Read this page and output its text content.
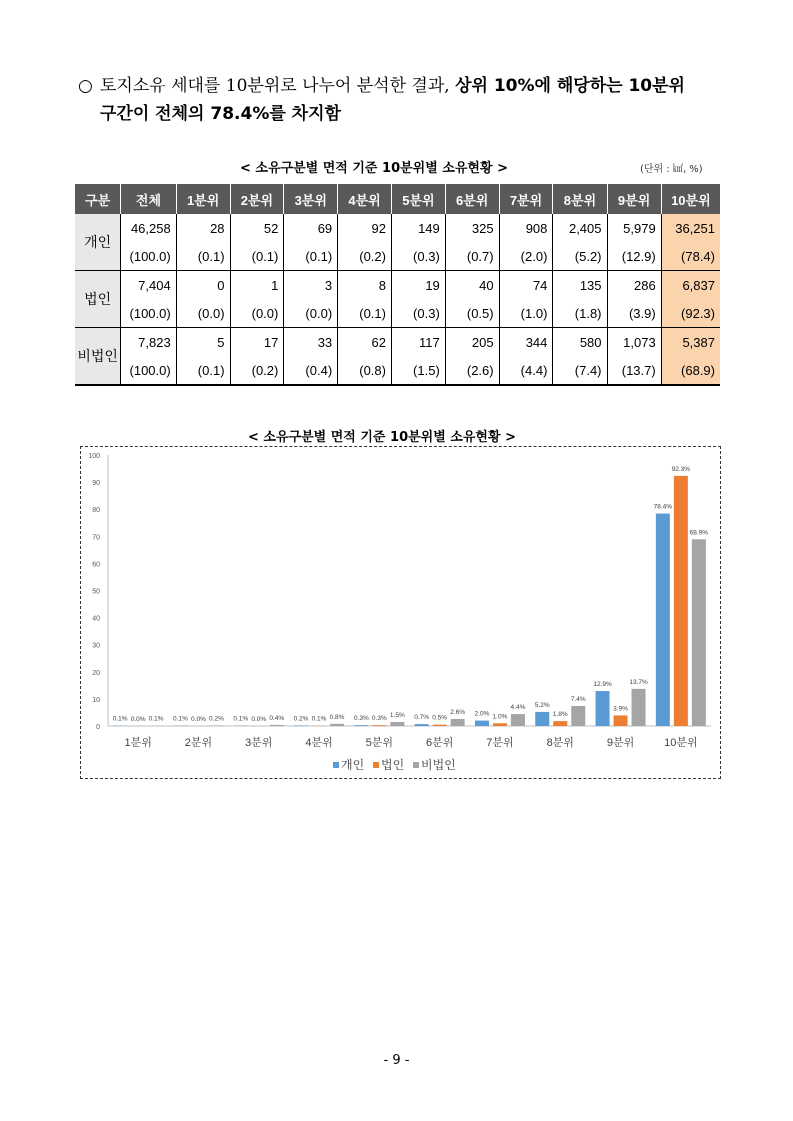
○ 토지소유 세대를 10분위로 나누어 분석한 결과, 상위 10%에 해당하는 10분위
구간이 전체의 78.4%를 차지함
< 소유구분별 면적 기준 10분위별 소유현황 >	(단위 : ㎢, %)
구분	전체	1분위	2분위	3분위	4분위	5분위	6분위	7분위	8분위	9분위	10분위
개인	46,258	28	52	69	92	149	325	908	2,405	5,979	36,251
	(100.0)	(0.1)	(0.1)	(0.1)	(0.2)	(0.3)	(0.7)	(2.0)	(5.2)	(12.9)	(78.4)
법인	7,404	0	1	3	8	19	40	74	135	286	6,837
	(100.0)	(0.0)	(0.0)	(0.0)	(0.1)	(0.3)	(0.5)	(1.0)	(1.8)	(3.9)	(92.3)
비법인	7,823	5	17	33	62	117	205	344	580	1,073	5,387
	(100.0)	(0.1)	(0.2)	(0.4)	(0.8)	(1.5)	(2.6)	(4.4)	(7.4)	(13.7)	(68.9)
< 소유구분별 면적 기준 10분위별 소유현황 >
0
10
20
30
40
50
60
70
80
90
100
0.1% 0.0% 0.1%
1분위
0.1% 0.0% 0.2%
2분위
0.1% 0.0% 0.4%
3분위
0.2% 0.1% 0.8%
4분위
0.3% 0.3% 1.5%
5분위
0.7% 0.5%
2.6%
6분위
2.0% 1.0%
4.4%
7분위
5.2%
1.8%
7.4%
8분위
12.9%
3.9%
13.7%
9분위
78.4%
92.3%
68.9%
10분위
개인 법인 비법인
- 9 -
